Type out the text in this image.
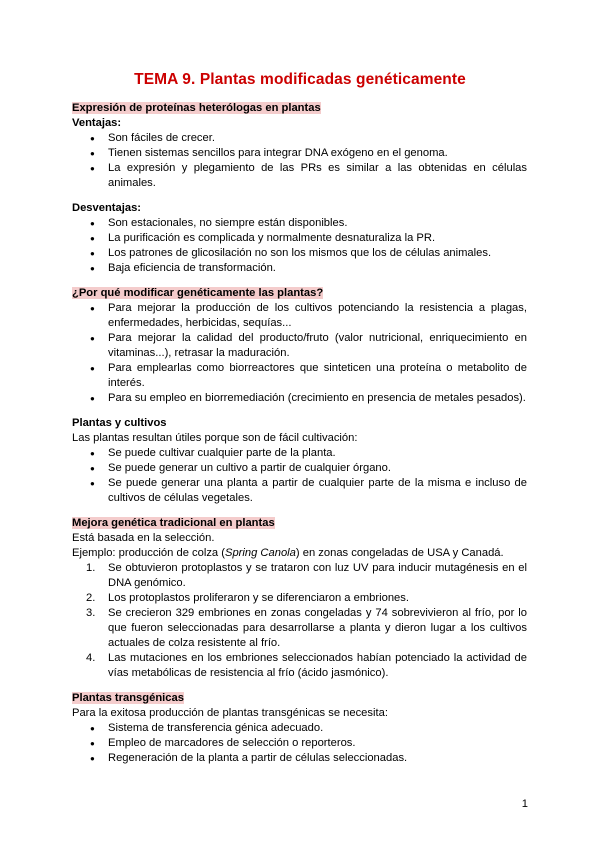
TEMA 9. Plantas modificadas genéticamente

Expresión de proteínas heterólogas en plantas

Ventajas:

● Son fáciles de crecer.
● Tienen sistemas sencillos para integrar DNA exógeno en el genoma.
● La expresión y plegamiento de las PRs es similar a las obtenidas en células animales.

Desventajas:

● Son estacionales, no siempre están disponibles.
● La purificación es complicada y normalmente desnaturaliza la PR.
● Los patrones de glicosilación no son los mismos que los de células animales.
● Baja eficiencia de transformación.

¿Por qué modificar genéticamente las plantas?

● Para mejorar la producción de los cultivos potenciando la resistencia a plagas, enfermedades, herbicidas, sequías...
● Para mejorar la calidad del producto/fruto (valor nutricional, enriquecimiento en vitaminas...), retrasar la maduración.
● Para emplearlas como biorreactores que sinteticen una proteína o metabolito de interés.
● Para su empleo en biorremediación (crecimiento en presencia de metales pesados).

Plantas y cultivos

Las plantas resultan útiles porque son de fácil cultivación:

● Se puede cultivar cualquier parte de la planta.
● Se puede generar un cultivo a partir de cualquier órgano.
● Se puede generar una planta a partir de cualquier parte de la misma e incluso de cultivos de células vegetales.

Mejora genética tradicional en plantas

Está basada en la selección.

Ejemplo: producción de colza (Spring Canola) en zonas congeladas de USA y Canadá.

1. Se obtuvieron protoplastos y se trataron con luz UV para inducir mutagénesis en el DNA genómico.
2. Los protoplastos proliferaron y se diferenciaron a embriones.
3. Se crecieron 329 embriones en zonas congeladas y 74 sobrevivieron al frío, por lo que fueron seleccionadas para desarrollarse a planta y dieron lugar a los cultivos actuales de colza resistente al frío.
4. Las mutaciones en los embriones seleccionados habían potenciado la actividad de vías metabólicas de resistencia al frío (ácido jasmónico).

Plantas transgénicas

Para la exitosa producción de plantas transgénicas se necesita:

● Sistema de transferencia génica adecuado.
● Empleo de marcadores de selección o reporteros.
● Regeneración de la planta a partir de células seleccionadas.
1
